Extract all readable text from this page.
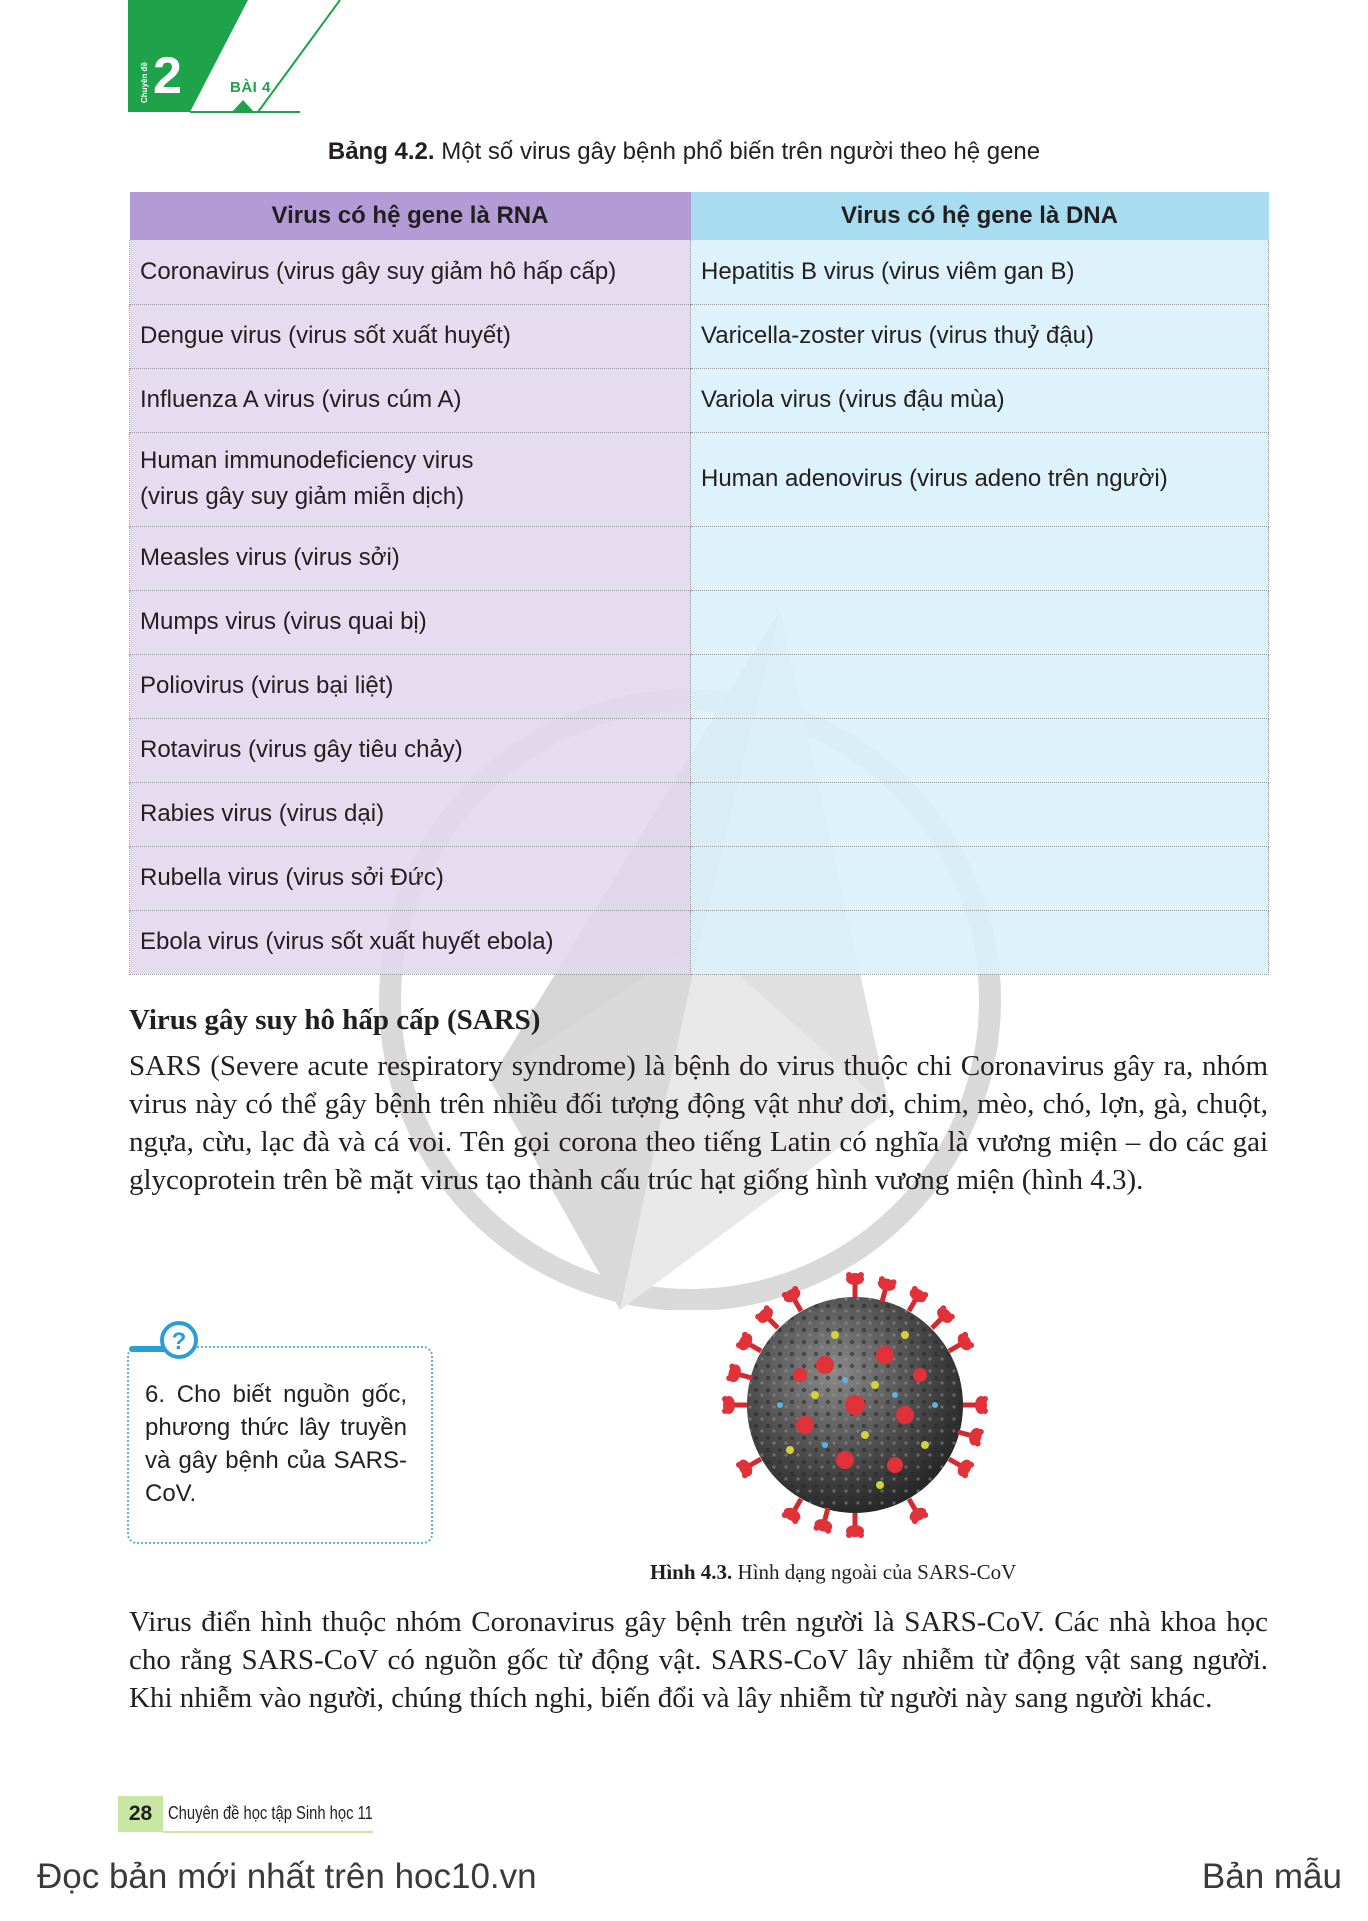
Chuyên đề 2	BÀI 4
Bảng 4.2. Một số virus gây bệnh phổ biến trên người theo hệ gene
Virus có hệ gene là RNA	Virus có hệ gene là DNA
Coronavirus (virus gây suy giảm hô hấp cấp)	Hepatitis B virus (virus viêm gan B)
Dengue virus (virus sốt xuất huyết)	Varicella-zoster virus (virus thuỷ đậu)
Influenza A virus (virus cúm A)	Variola virus (virus đậu mùa)

Human immunodeficiency virus
(virus gây suy giảm miễn dịch)	Human adenovirus (virus adeno trên người)
Measles virus (virus sởi)	
Mumps virus (virus quai bị)	
Poliovirus (virus bại liệt)	
Rotavirus (virus gây tiêu chảy)	
Rabies virus (virus dại)	
Rubella virus (virus sởi Đức)	
Ebola virus (virus sốt xuất huyết ebola)	
Virus gây suy hô hấp cấp (SARS)
SARS (Severe acute respiratory syndrome) là bệnh do virus thuộc chi Coronavirus gây ra, nhóm virus này có thể gây bệnh trên nhiều đối tượng động vật như dơi, chim, mèo, chó, lợn, gà, chuột, ngựa, cừu, lạc đà và cá voi. Tên gọi corona theo tiếng Latin có nghĩa là vương miện – do các gai glycoprotein trên bề mặt virus tạo thành cấu trúc hạt giống hình vương miện (hình 4.3).
?
6. Cho biết nguồn gốc, phương thức lây truyền và gây bệnh của SARS-CoV.
Hình 4.3. Hình dạng ngoài của SARS-CoV
Virus điển hình thuộc nhóm Coronavirus gây bệnh trên người là SARS-CoV. Các nhà khoa học cho rằng SARS-CoV có nguồn gốc từ động vật. SARS-CoV lây nhiễm từ động vật sang người. Khi nhiễm vào người, chúng thích nghi, biến đổi và lây nhiễm từ người này sang người khác.
28 Chuyên đề học tập Sinh học 11
Đọc bản mới nhất trên hoc10.vn	Bản mẫu
